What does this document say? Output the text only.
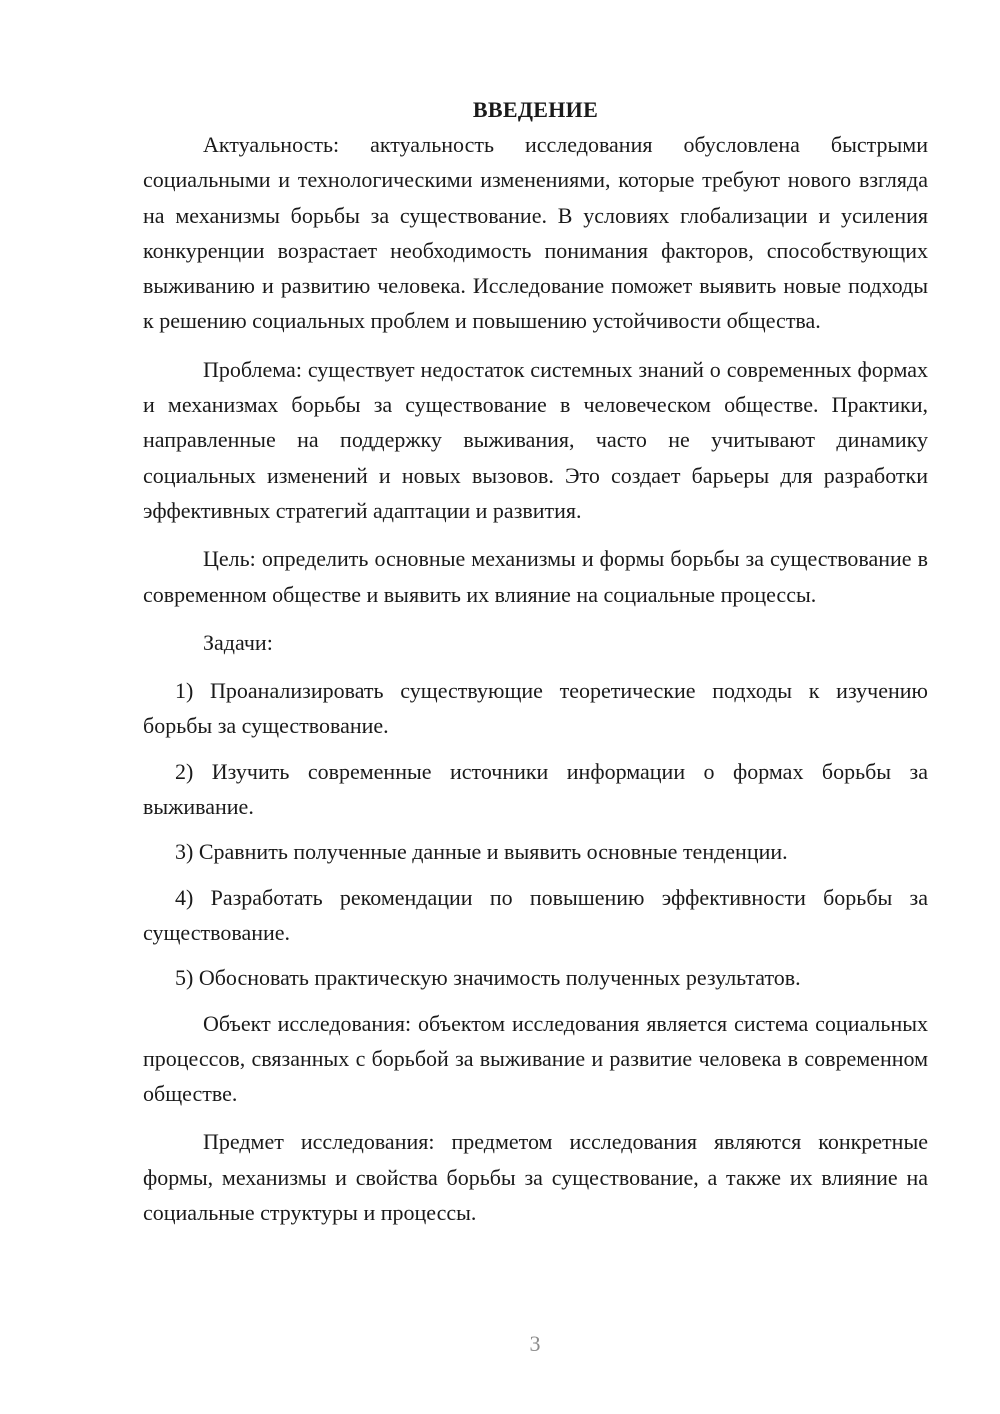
ВВЕДЕНИЕ

Актуальность: актуальность исследования обусловлена быстрыми социальными и технологическими изменениями, которые требуют нового взгляда на механизмы борьбы за существование. В условиях глобализации и усиления конкуренции возрастает необходимость понимания факторов, способствующих выживанию и развитию человека. Исследование поможет выявить новые подходы к решению социальных проблем и повышению устойчивости общества.

Проблема: существует недостаток системных знаний о современных формах и механизмах борьбы за существование в человеческом обществе. Практики, направленные на поддержку выживания, часто не учитывают динамику социальных изменений и новых вызовов. Это создает барьеры для разработки эффективных стратегий адаптации и развития.

Цель: определить основные механизмы и формы борьбы за существование в современном обществе и выявить их влияние на социальные процессы.

Задачи:

1) Проанализировать существующие теоретические подходы к изучению борьбы за существование.

2) Изучить современные источники информации о формах борьбы за выживание.

3) Сравнить полученные данные и выявить основные тенденции.

4) Разработать рекомендации по повышению эффективности борьбы за существование.

5) Обосновать практическую значимость полученных результатов.

Объект исследования: объектом исследования является система социальных процессов, связанных с борьбой за выживание и развитие человека в современном обществе.

Предмет исследования: предметом исследования являются конкретные формы, механизмы и свойства борьбы за существование, а также их влияние на социальные структуры и процессы.

3
